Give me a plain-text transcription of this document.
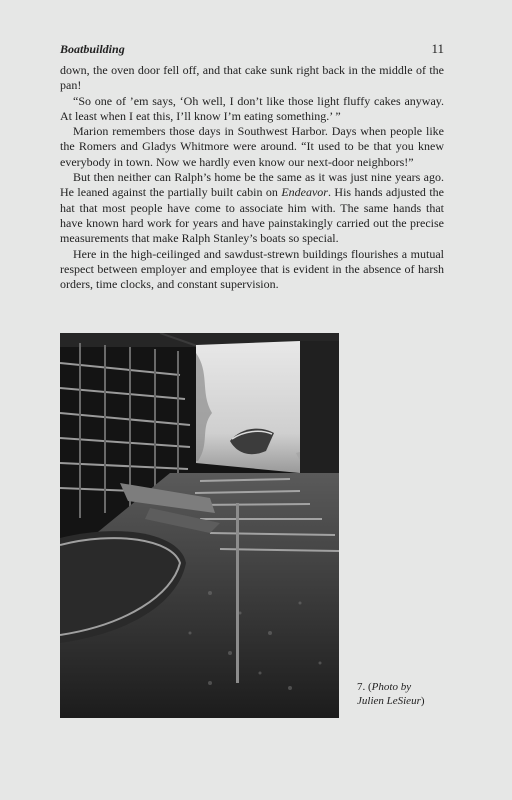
Boatbuilding	11

down, the oven door fell off, and that cake sunk right back in the middle of the pan!

“So one of ’em says, ‘Oh well, I don’t like those light fluffy cakes anyway. At least when I eat this, I’ll know I’m eating something.’ ”

Marion remembers those days in Southwest Harbor. Days when people like the Romers and Gladys Whitmore were around. “It used to be that you knew everybody in town. Now we hardly even know our next-door neighbors!”

But then neither can Ralph’s home be the same as it was just nine years ago. He leaned against the partially built cabin on Endeavor. His hands adjusted the hat that most people have come to associate him with. The same hands that have known hard work for years and have painstakingly carried out the precise measurements that make Ralph Stanley’s boats so special.

Here in the high-ceilinged and sawdust-strewn buildings flourishes a mutual respect between employer and employee that is evident in the absence of harsh orders, time clocks, and constant supervision.

7. (Photo by
Julien LeSieur)
